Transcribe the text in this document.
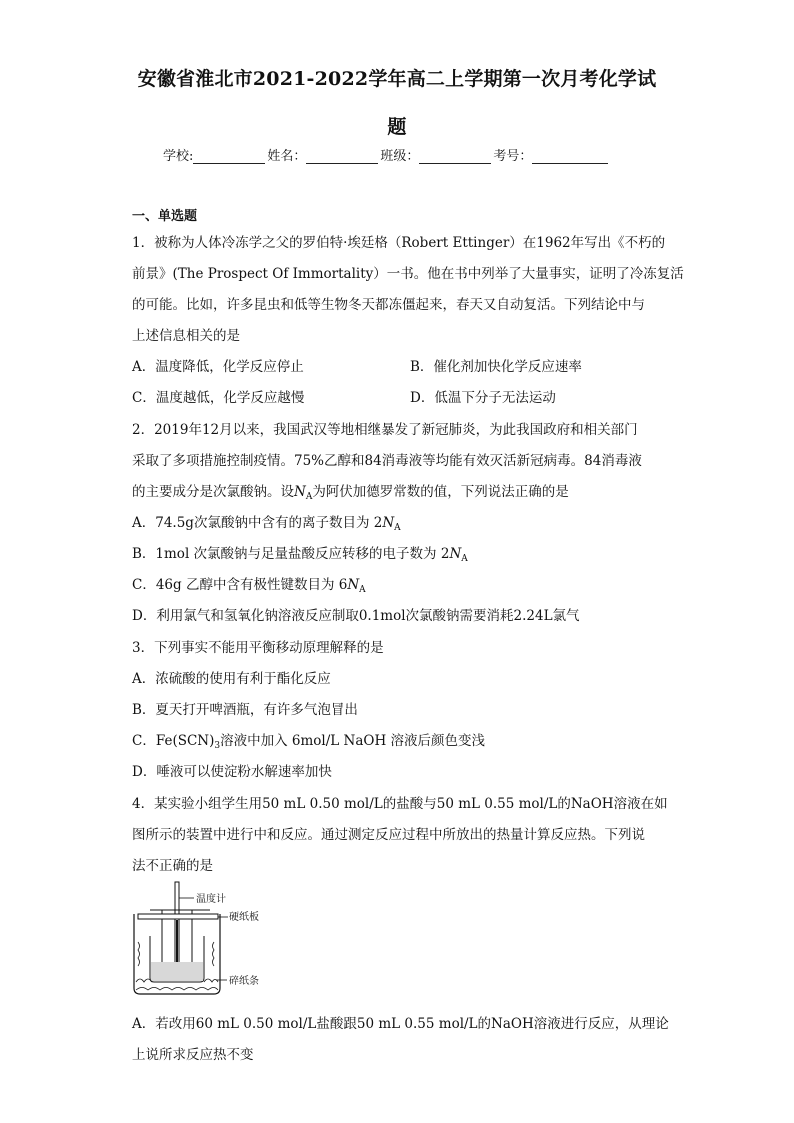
安徽省淮北市2021-2022学年高二上学期第一次月考化学试
题
学校:	姓名：	班级：	考号：
一、单选题
1．被称为人体冷冻学之父的罗伯特·埃廷格（Robert Ettinger）在1962年写出《不朽的
前景》(The Prospect Of Immortality）一书。他在书中列举了大量事实，证明了冷冻复活
的可能。比如，许多昆虫和低等生物冬天都冻僵起来，春天又自动复活。下列结论中与
上述信息相关的是
A．温度降低，化学反应停止	B．催化剂加快化学反应速率
C．温度越低，化学反应越慢	D．低温下分子无法运动
2．2019年12月以来，我国武汉等地相继暴发了新冠肺炎，为此我国政府和相关部门
采取了多项措施控制疫情。75%乙醇和84消毒液等均能有效灭活新冠病毒。84消毒液
的主要成分是次氯酸钠。设$N_A$为阿伏加德罗常数的值，下列说法正确的是
A．74.5g次氯酸钠中含有的离子数目为 $2N_A$
B．1mol 次氯酸钠与足量盐酸反应转移的电子数为 $2N_A$
C．46g 乙醇中含有极性键数目为 $6N_A$
D．利用氯气和氢氧化钠溶液反应制取0.1mol次氯酸钠需要消耗2.24L氯气
3．下列事实不能用平衡移动原理解释的是
A．浓硫酸的使用有利于酯化反应
B．夏天打开啤酒瓶，有许多气泡冒出
C．$Fe(SCN)_3$溶液中加入 6mol/L NaOH 溶液后颜色变浅
D．唾液可以使淀粉水解速率加快
4．某实验小组学生用50 mL 0.50 mol/L的盐酸与50 mL 0.55 mol/L的NaOH溶液在如
图所示的装置中进行中和反应。通过测定反应过程中所放出的热量计算反应热。下列说
法不正确的是
温度计
硬纸板
碎纸条
A．若改用60 mL 0.50 mol/L盐酸跟50 mL 0.55 mol/L的NaOH溶液进行反应，从理论
上说所求反应热不变
